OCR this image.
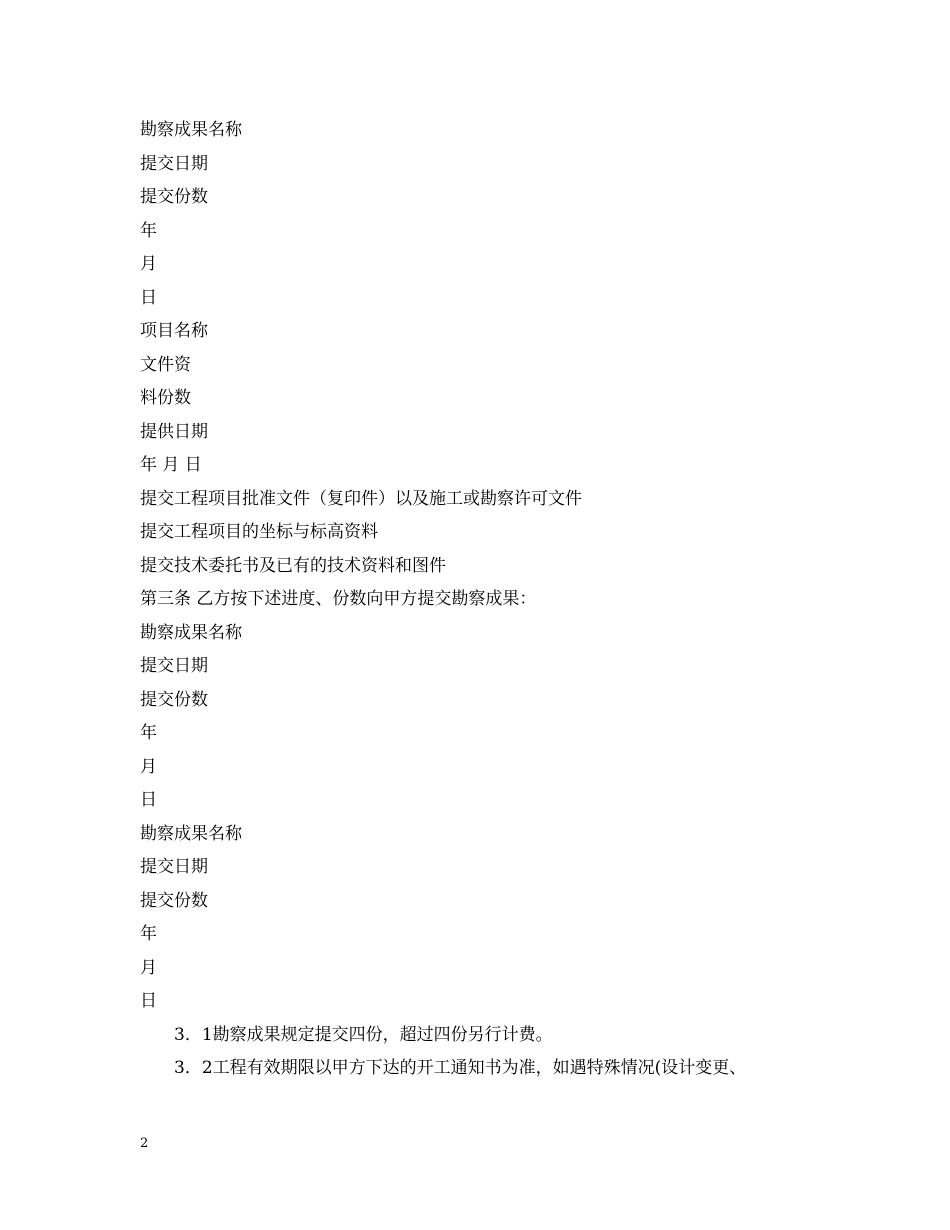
勘察成果名称
提交日期
提交份数
年
月
日
项目名称
文件资
料份数
提供日期
年 月 日
提交工程项目批准文件（复印件）以及施工或勘察许可文件
提交工程项目的坐标与标高资料
提交技术委托书及已有的技术资料和图件
第三条 乙方按下述进度、份数向甲方提交勘察成果：
勘察成果名称
提交日期
提交份数
年
月
日
勘察成果名称
提交日期
提交份数
年
月
日
3．1勘察成果规定提交四份，超过四份另行计费。
3．2工程有效期限以甲方下达的开工通知书为准，如遇特殊情况(设计变更、
2
